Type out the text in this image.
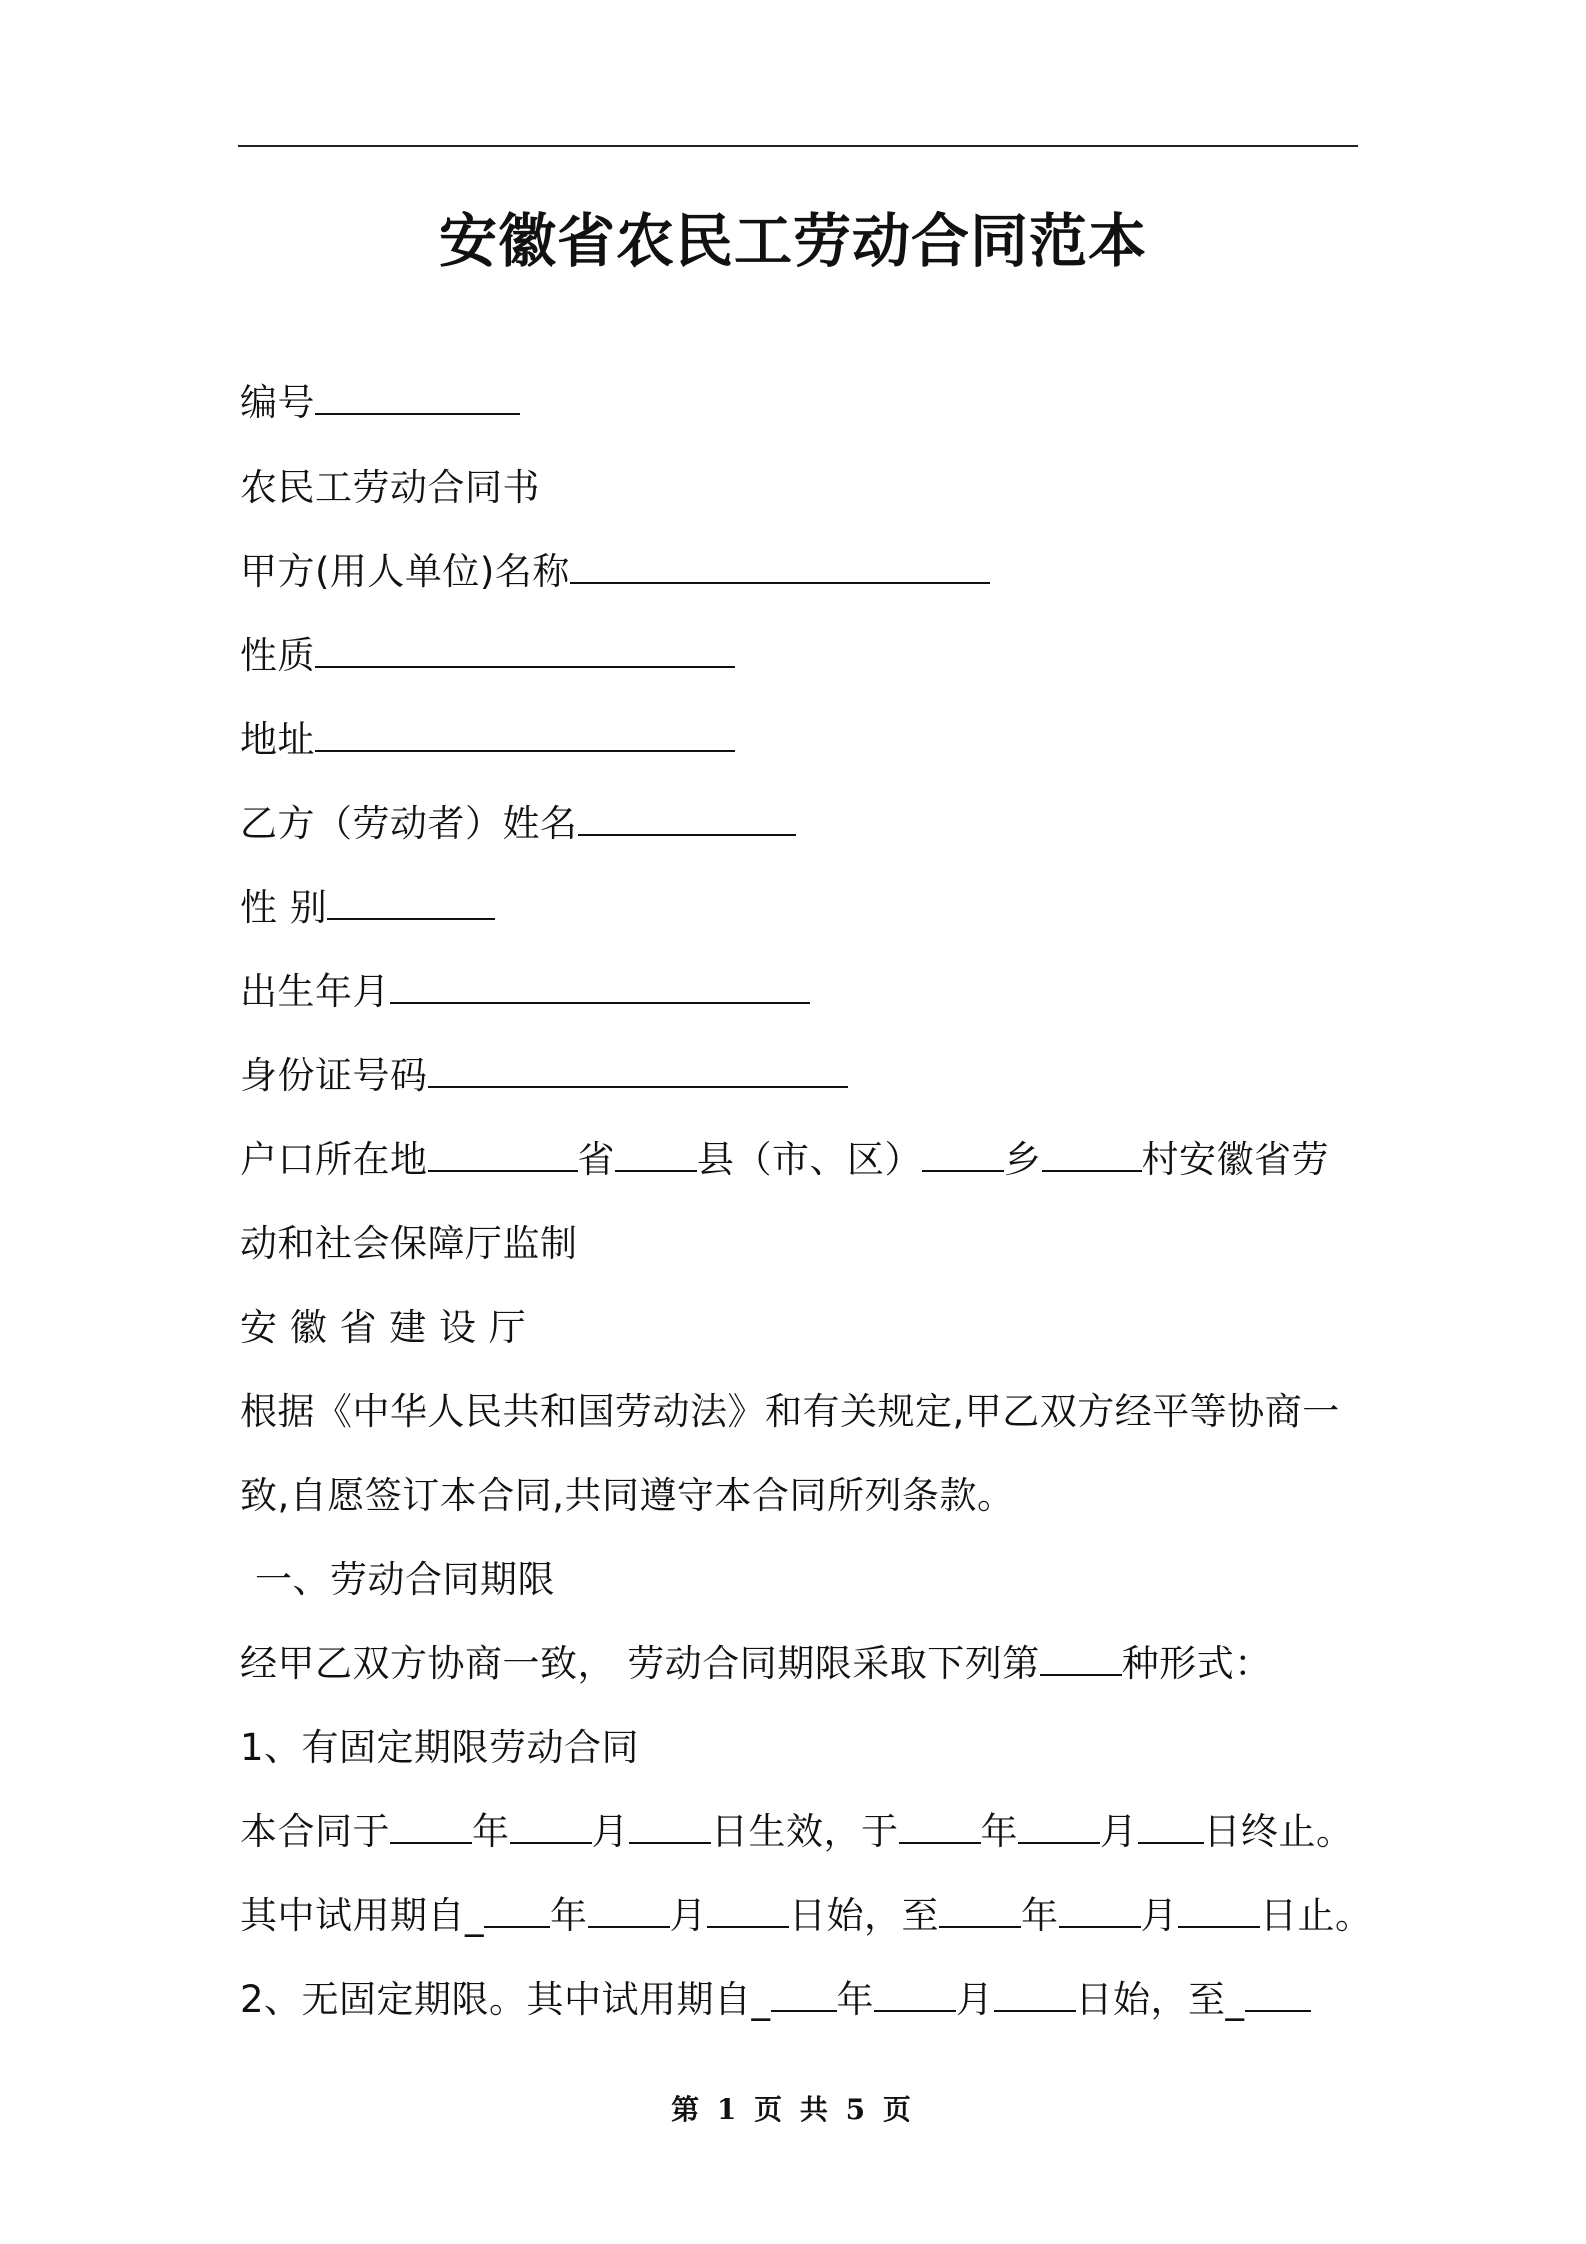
安徽省农民工劳动合同范本
编号
农民工劳动合同书
甲方(用人单位)名称
性质
地址
乙方（劳动者）姓名
性 别
出生年月
身份证号码
户口所在地	省 县（市、区） 乡	村安徽省劳
动和社会保障厅监制
安 徽 省 建 设 厅
根据《中华人民共和国劳动法》和有关规定,甲乙双方经平等协商一
致,自愿签订本合同,共同遵守本合同所列条款。
一、劳动合同期限
经甲乙双方协商一致， 劳动合同期限采取下列第 种形式：
1、有固定期限劳动合同
本合同于 年 月 日生效，于 年 月 日终止。
其中试用期自_ 年 月 日始，至 年 月 日止。
2、无固定期限。其中试用期自_ 年 月 日始，至_
第 1 页 共 5 页
